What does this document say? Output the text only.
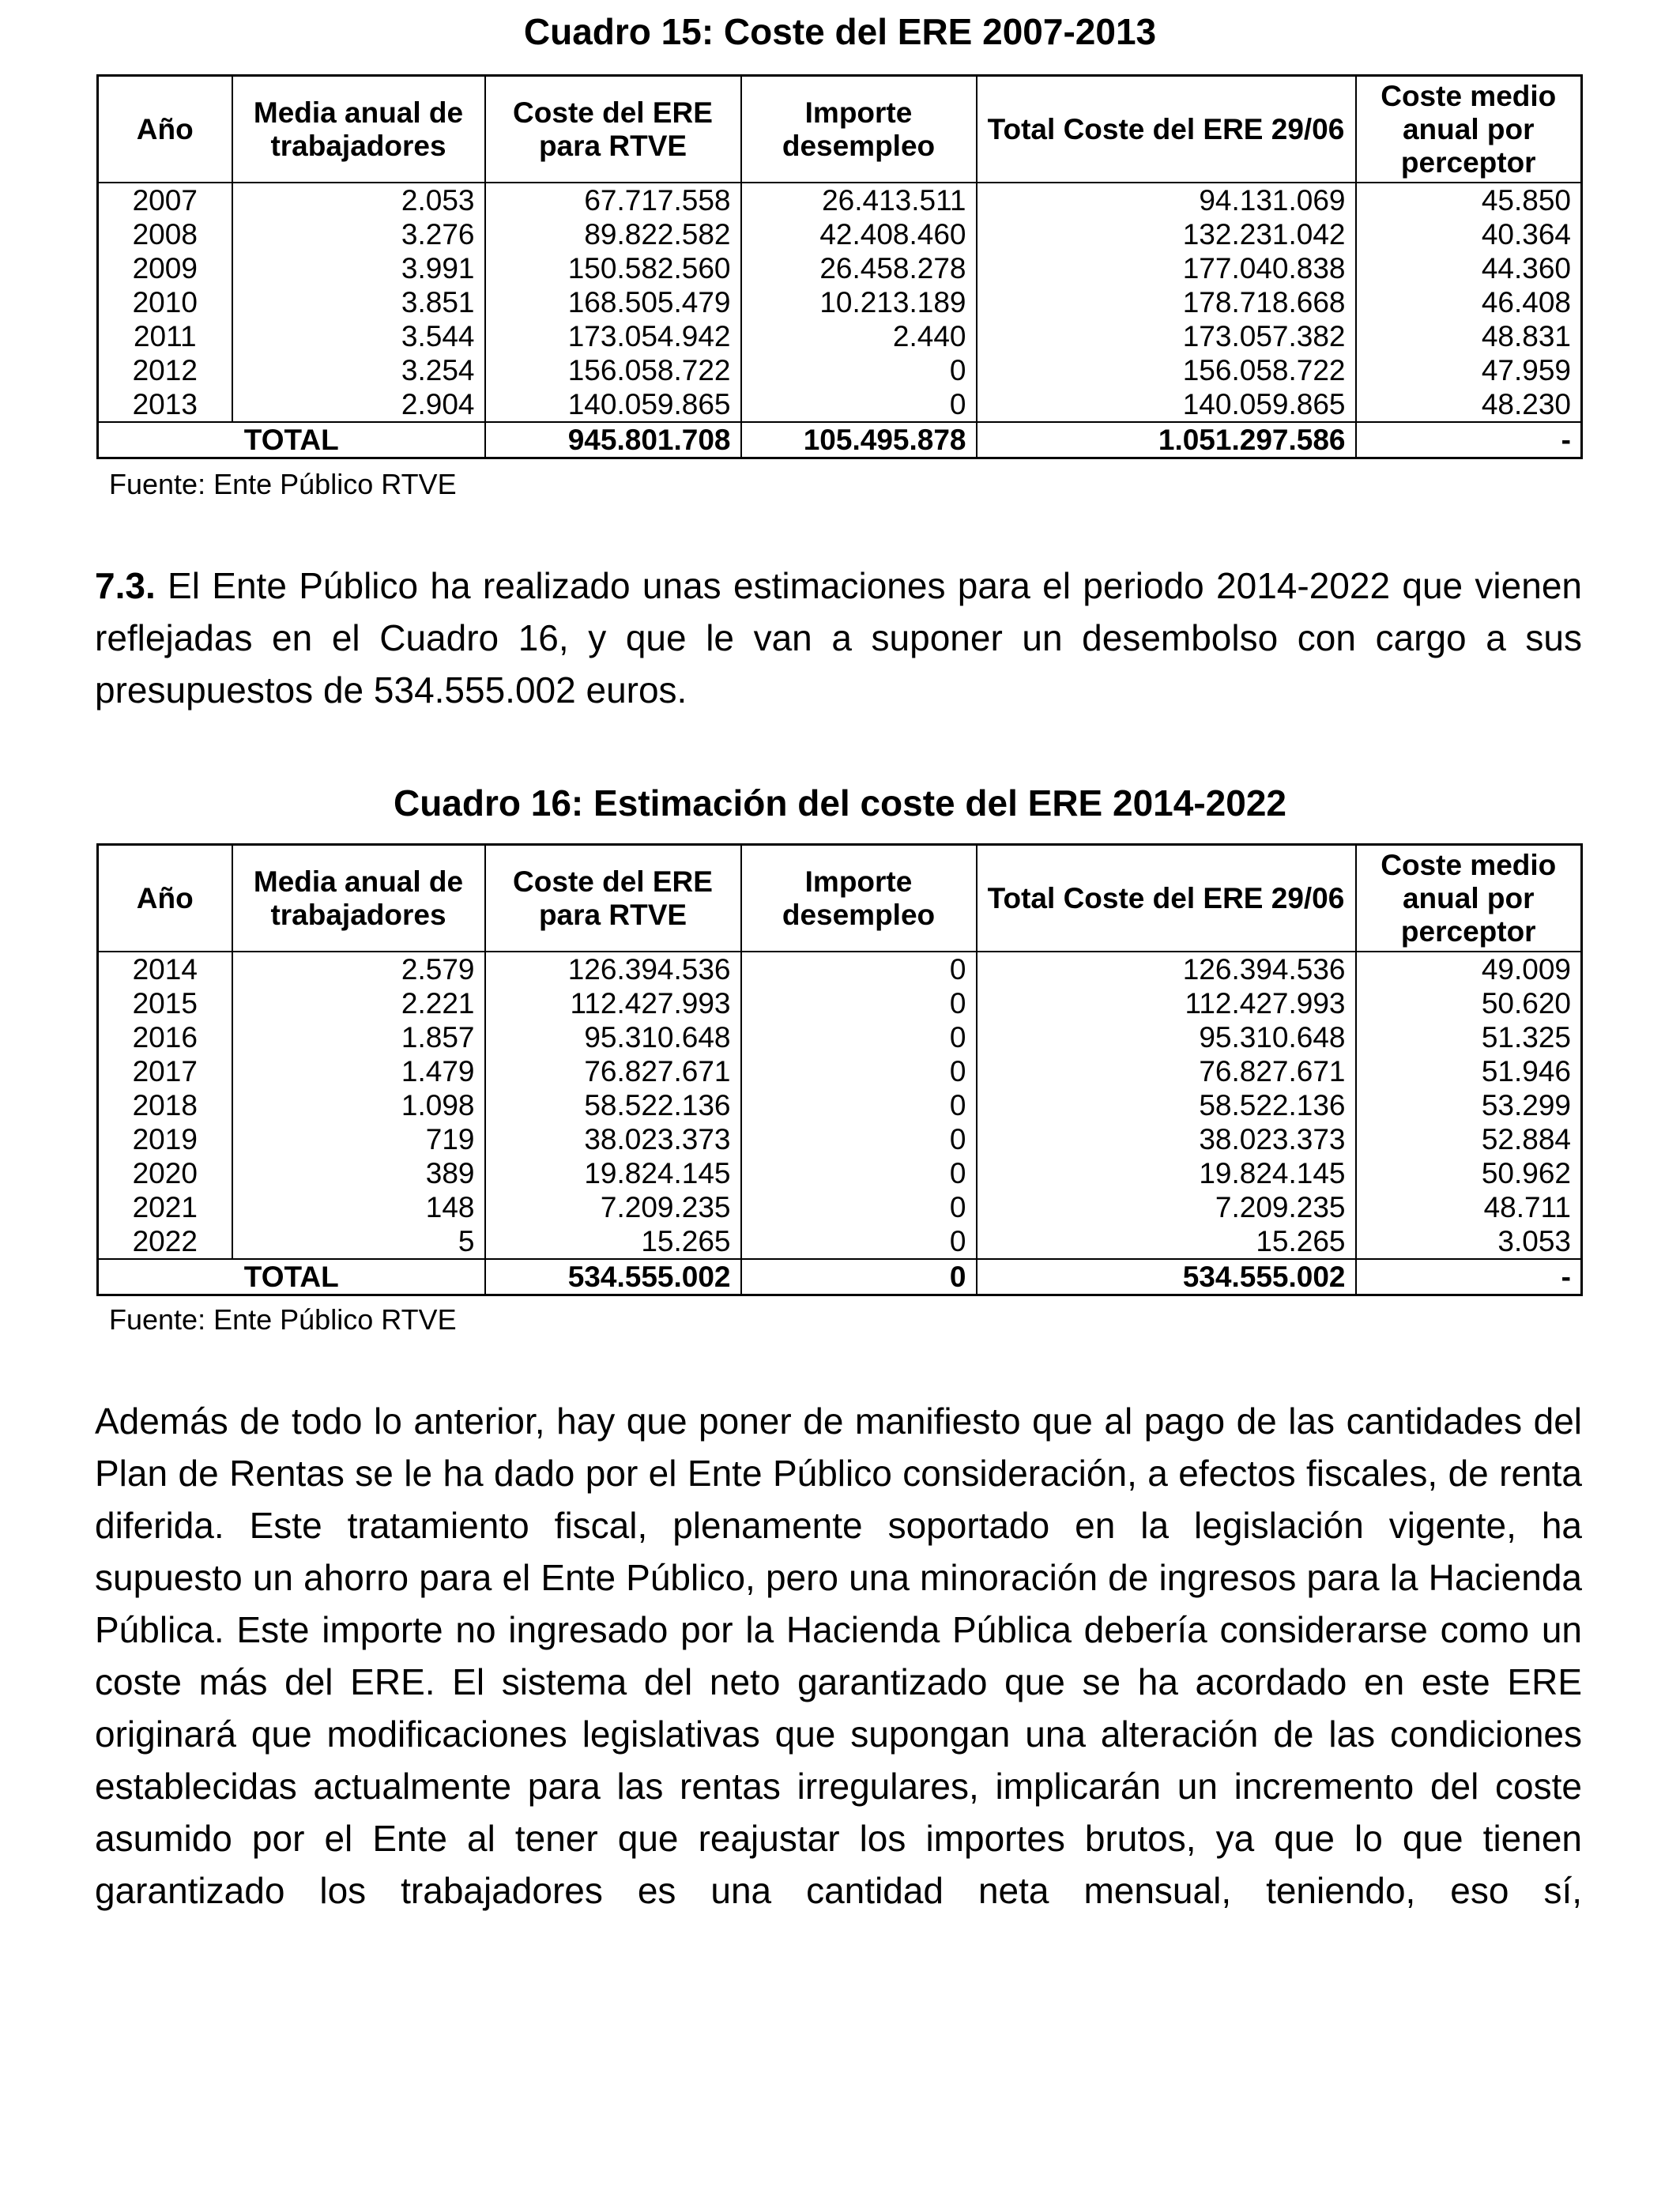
Cuadro 15: Coste del ERE 2007-2013
Año	Media anual de trabajadores	Coste del ERE para RTVE	Importe desempleo	Total Coste del ERE 29/06	Coste medio anual por perceptor
2007	2.053	67.717.558	26.413.511	94.131.069	45.850
2008	3.276	89.822.582	42.408.460	132.231.042	40.364
2009	3.991	150.582.560	26.458.278	177.040.838	44.360
2010	3.851	168.505.479	10.213.189	178.718.668	46.408
2011	3.544	173.054.942	2.440	173.057.382	48.831
2012	3.254	156.058.722	0	156.058.722	47.959
2013	2.904	140.059.865	0	140.059.865	48.230
TOTAL		945.801.708	105.495.878	1.051.297.586	-

Fuente: Ente Público RTVE

7.3. El Ente Público ha realizado unas estimaciones para el periodo 2014-2022 que vienen reflejadas en el Cuadro 16, y que le van a suponer un desembolso con cargo a sus presupuestos de 534.555.002 euros.

Cuadro 16: Estimación del coste del ERE 2014-2022
Año	Media anual de trabajadores	Coste del ERE para RTVE	Importe desempleo	Total Coste del ERE 29/06	Coste medio anual por perceptor
2014	2.579	126.394.536	0	126.394.536	49.009
2015	2.221	112.427.993	0	112.427.993	50.620
2016	1.857	95.310.648	0	95.310.648	51.325
2017	1.479	76.827.671	0	76.827.671	51.946
2018	1.098	58.522.136	0	58.522.136	53.299
2019	719	38.023.373	0	38.023.373	52.884
2020	389	19.824.145	0	19.824.145	50.962
2021	148	7.209.235	0	7.209.235	48.711
2022	5	15.265	0	15.265	3.053
TOTAL		534.555.002	0	534.555.002	-

Fuente: Ente Público RTVE

Además de todo lo anterior, hay que poner de manifiesto que al pago de las cantidades del Plan de Rentas se le ha dado por el Ente Público consideración, a efectos fiscales, de renta diferida. Este tratamiento fiscal, plenamente soportado en la legislación vigente, ha supuesto un ahorro para el Ente Público, pero una minoración de ingresos para la Hacienda Pública. Este importe no ingresado por la Hacienda Pública debería considerarse como un coste más del ERE. El sistema del neto garantizado que se ha acordado en este ERE originará que modificaciones legislativas que supongan una alteración de las condiciones establecidas actualmente para las rentas irregulares, implicarán un incremento del coste asumido por el Ente al tener que reajustar los importes brutos, ya que lo que tienen garantizado los trabajadores es una cantidad neta mensual, teniendo, eso sí,
